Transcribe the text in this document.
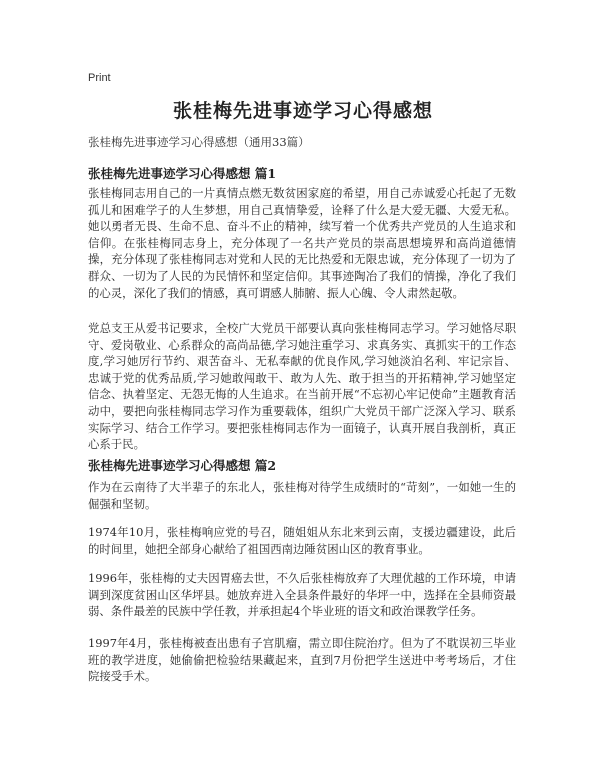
Print
张桂梅先进事迹学习心得感想
张桂梅先进事迹学习心得感想（通用33篇）
张桂梅先进事迹学习心得感想 篇1

张桂梅同志用自己的一片真情点燃无数贫困家庭的希望，用自己赤诚爱心托起了无数孤儿和困难学子的人生梦想，用自己真情挚爱，诠释了什么是大爱无疆、大爱无私。她以勇者无畏、生命不息、奋斗不止的精神，续写着一个优秀共产党员的人生追求和信仰。在张桂梅同志身上，充分体现了一名共产党员的崇高思想境界和高尚道德情操，充分体现了张桂梅同志对党和人民的无比热爱和无限忠诚，充分体现了一切为了群众、一切为了人民的为民情怀和坚定信仰。其事迹陶冶了我们的情操，净化了我们的心灵，深化了我们的情感，真可谓感人肺腑、振人心魄、令人肃然起敬。

党总支王从爱书记要求，全校广大党员干部要认真向张桂梅同志学习。学习她恪尽职守、爱岗敬业、心系群众的高尚品德,学习她注重学习、求真务实、真抓实干的工作态度,学习她厉行节约、艰苦奋斗、无私奉献的优良作风,学习她淡泊名利、牢记宗旨、忠诚于党的优秀品质,学习她敢闯敢干、敢为人先、敢于担当的开拓精神,学习她坚定信念、执着坚定、无怨无悔的人生追求。在当前开展“不忘初心牢记使命”主题教育活动中，要把向张桂梅同志学习作为重要载体，组织广大党员干部广泛深入学习、联系实际学习、结合工作学习。要把张桂梅同志作为一面镜子，认真开展自我剖析，真正心系于民。

张桂梅先进事迹学习心得感想 篇2

作为在云南待了大半辈子的东北人，张桂梅对待学生成绩时的“苛刻”，一如她一生的倔强和坚韧。

1974年10月，张桂梅响应党的号召，随姐姐从东北来到云南，支援边疆建设，此后的时间里，她把全部身心献给了祖国西南边陲贫困山区的教育事业。

1996年，张桂梅的丈夫因胃癌去世，不久后张桂梅放弃了大理优越的工作环境，申请调到深度贫困山区华坪县。她放弃进入全县条件最好的华坪一中，选择在全县师资最弱、条件最差的民族中学任教，并承担起4个毕业班的语文和政治课教学任务。

1997年4月，张桂梅被查出患有子宫肌瘤，需立即住院治疗。但为了不耽误初三毕业班的教学进度，她偷偷把检验结果藏起来，直到7月份把学生送进中考考场后，才住院接受手术。
